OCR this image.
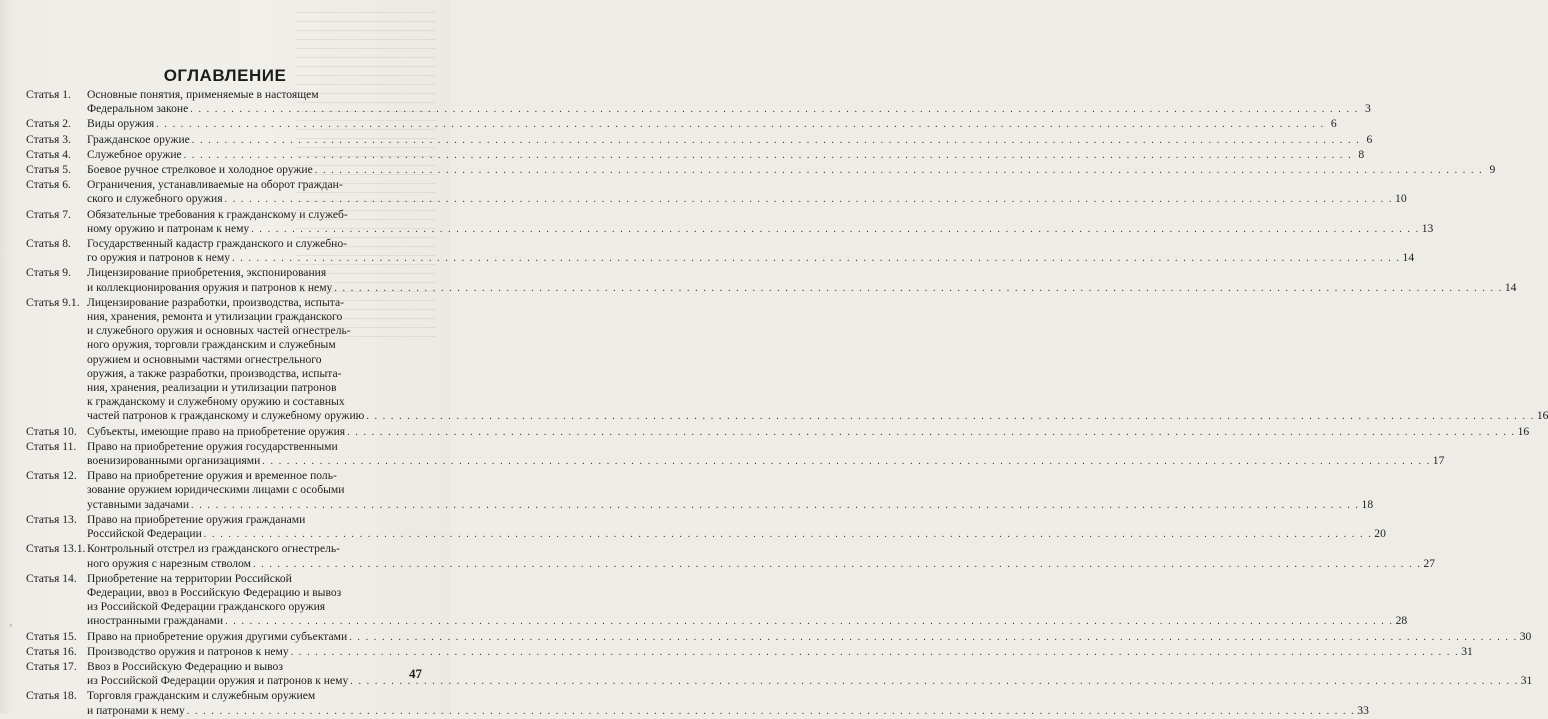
ОГЛАВЛЕНИЕ
Статья 1.	Основные понятия, применяемые в настоящем
Федеральном законе . . .	3
Статья 2.	Виды оружия . . .	6
Статья 3.	Гражданское оружие . . .	6
Статья 4.	Служебное оружие . . .	8
Статья 5.	Боевое ручное стрелковое и холодное оружие . . .	9
Статья 6.	Ограничения, устанавливаемые на оборот граждан-
ского и служебного оружия . . .	10
Статья 7.	Обязательные требования к гражданскому и служеб-
ному оружию и патронам к нему . . .	13
Статья 8.	Государственный кадастр гражданского и служебно-
го оружия и патронов к нему . . .	14
Статья 9.	Лицензирование приобретения, экспонирования
и коллекционирования оружия и патронов к нему . . .	14
Статья 9.1. Лицензирование разработки, производства, испыта-
ния, хранения, ремонта и утилизации гражданского
и служебного оружия и основных частей огнестрель-
ного оружия, торговли гражданским и служебным
оружием и основными частями огнестрельного
оружия, а также разработки, производства, испыта-
ния, хранения, реализации и утилизации патронов
к гражданскому и служебному оружию и составных
частей патронов к гражданскому и служебному оружию . . .	16
Статья 10. Субъекты, имеющие право на приобретение оружия . . .	16
Статья 11. Право на приобретение оружия государственными
военизированными организациями . . .	17
Статья 12. Право на приобретение оружия и временное поль-
зование оружием юридическими лицами с особыми
уставными задачами . . .	18
Статья 13. Право на приобретение оружия гражданами
Российской Федерации . . .	20
Статья 13.1. Контрольный отстрел из гражданского огнестрель-
ного оружия с нарезным стволом . . .	27
Статья 14. Приобретение на территории Российской
Федерации, ввоз в Российскую Федерацию и вывоз
из Российской Федерации гражданского оружия
иностранными гражданами . . .	28
Статья 15. Право на приобретение оружия другими субъектами . . .	30
Статья 16. Производство оружия и патронов к нему . . .	31
Статья 17. Ввоз в Российскую Федерацию и вывоз
из Российской Федерации оружия и патронов к нему . . .	31
Статья 18. Торговля гражданским и служебным оружием
и патронами к нему . . .	33
◦
47
